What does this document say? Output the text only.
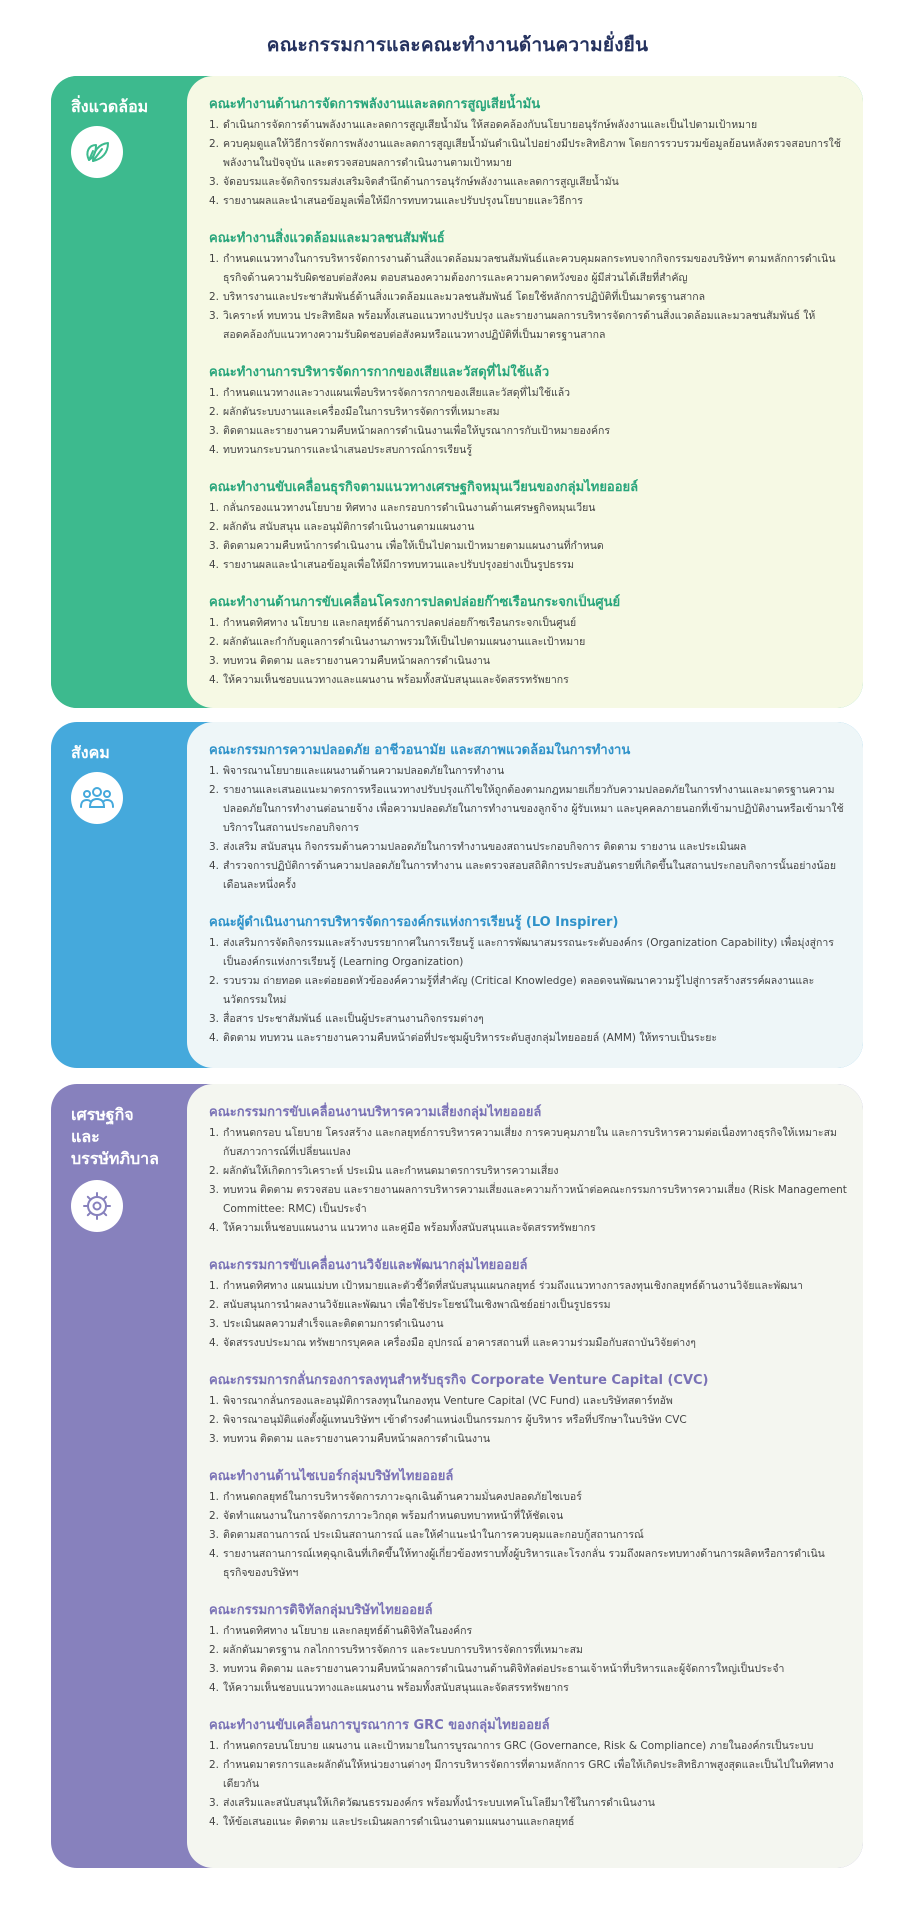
คณะกรรมการและคณะทำงานด้านความยั่งยืน
สิ่งแวดล้อม	คณะทำงานด้านการจัดการพลังงานและลดการสูญเสียน้ำมัน
1. ดำเนินการจัดการด้านพลังงานและลดการสูญเสียน้ำมัน ให้สอดคล้องกับนโยบายอนุรักษ์พลังงานและเป็นไปตามเป้าหมาย
2. ควบคุมดูแลให้วิธีการจัดการพลังงานและลดการสูญเสียน้ำมันดำเนินไปอย่างมีประสิทธิภาพ โดยการรวบรวมข้อมูลย้อนหลังตรวจสอบการใช้พลังงานในปัจจุบัน และตรวจสอบผลการดำเนินงานตามเป้าหมาย
3. จัดอบรมและจัดกิจกรรมส่งเสริมจิตสำนึกด้านการอนุรักษ์พลังงานและลดการสูญเสียน้ำมัน
4. รายงานผลและนำเสนอข้อมูลเพื่อให้มีการทบทวนและปรับปรุงนโยบายและวิธีการ
คณะทำงานสิ่งแวดล้อมและมวลชนสัมพันธ์
1. กำหนดแนวทางในการบริหารจัดการงานด้านสิ่งแวดล้อมมวลชนสัมพันธ์และควบคุมผลกระทบจากกิจกรรมของบริษัทฯ ตามหลักการดำเนินธุรกิจด้านความรับผิดชอบต่อสังคม ตอบสนองความต้องการและความคาดหวังของ ผู้มีส่วนได้เสียที่สำคัญ
2. บริหารงานและประชาสัมพันธ์ด้านสิ่งแวดล้อมและมวลชนสัมพันธ์ โดยใช้หลักการปฏิบัติที่เป็นมาตรฐานสากล
3. วิเคราะห์ ทบทวน ประสิทธิผล พร้อมทั้งเสนอแนวทางปรับปรุง และรายงานผลการบริหารจัดการด้านสิ่งแวดล้อมและมวลชนสัมพันธ์ ให้สอดคล้องกับแนวทางความรับผิดชอบต่อสังคมหรือแนวทางปฏิบัติที่เป็นมาตรฐานสากล
คณะทำงานการบริหารจัดการกากของเสียและวัสดุที่ไม่ใช้แล้ว
1. กำหนดแนวทางและวางแผนเพื่อบริหารจัดการกากของเสียและวัสดุที่ไม่ใช้แล้ว
2. ผลักดันระบบงานและเครื่องมือในการบริหารจัดการที่เหมาะสม
3. ติดตามและรายงานความคืบหน้าผลการดำเนินงานเพื่อให้บูรณาการกับเป้าหมายองค์กร
4. ทบทวนกระบวนการและนำเสนอประสบการณ์การเรียนรู้
คณะทำงานขับเคลื่อนธุรกิจตามแนวทางเศรษฐกิจหมุนเวียนของกลุ่มไทยออยล์
1. กลั่นกรองแนวทางนโยบาย ทิศทาง และกรอบการดำเนินงานด้านเศรษฐกิจหมุนเวียน
2. ผลักดัน สนับสนุน และอนุมัติการดำเนินงานตามแผนงาน
3. ติดตามความคืบหน้าการดำเนินงาน เพื่อให้เป็นไปตามเป้าหมายตามแผนงานที่กำหนด
4. รายงานผลและนำเสนอข้อมูลเพื่อให้มีการทบทวนและปรับปรุงอย่างเป็นรูปธรรม
คณะทำงานด้านการขับเคลื่อนโครงการปลดปล่อยก๊าซเรือนกระจกเป็นศูนย์
1. กำหนดทิศทาง นโยบาย และกลยุทธ์ด้านการปลดปล่อยก๊าซเรือนกระจกเป็นศูนย์
2. ผลักดันและกำกับดูแลการดำเนินงานภาพรวมให้เป็นไปตามแผนงานและเป้าหมาย
3. ทบทวน ติดตาม และรายงานความคืบหน้าผลการดำเนินงาน
4. ให้ความเห็นชอบแนวทางและแผนงาน พร้อมทั้งสนับสนุนและจัดสรรทรัพยากร
สังคม	คณะกรรมการความปลอดภัย อาชีวอนามัย และสภาพแวดล้อมในการทำงาน
1. พิจารณานโยบายและแผนงานด้านความปลอดภัยในการทำงาน
2. รายงานและเสนอแนะมาตรการหรือแนวทางปรับปรุงแก้ไขให้ถูกต้องตามกฎหมายเกี่ยวกับความปลอดภัยในการทำงานและมาตรฐานความปลอดภัยในการทำงานต่อนายจ้าง เพื่อความปลอดภัยในการทำงานของลูกจ้าง ผู้รับเหมา และบุคคลภายนอกที่เข้ามาปฏิบัติงานหรือเข้ามาใช้บริการในสถานประกอบกิจการ
3. ส่งเสริม สนับสนุน กิจกรรมด้านความปลอดภัยในการทำงานของสถานประกอบกิจการ ติดตาม รายงาน และประเมินผล
4. สำรวจการปฏิบัติการด้านความปลอดภัยในการทำงาน และตรวจสอบสถิติการประสบอันตรายที่เกิดขึ้นในสถานประกอบกิจการนั้นอย่างน้อยเดือนละหนึ่งครั้ง
คณะผู้ดำเนินงานการบริหารจัดการองค์กรแห่งการเรียนรู้ (LO Inspirer)
1. ส่งเสริมการจัดกิจกรรมและสร้างบรรยากาศในการเรียนรู้ และการพัฒนาสมรรถนะระดับองค์กร (Organization Capability) เพื่อมุ่งสู่การเป็นองค์กรแห่งการเรียนรู้ (Learning Organization)
2. รวบรวม ถ่ายทอด และต่อยอดหัวข้อองค์ความรู้ที่สำคัญ (Critical Knowledge) ตลอดจนพัฒนาความรู้ไปสู่การสร้างสรรค์ผลงานและนวัตกรรมใหม่
3. สื่อสาร ประชาสัมพันธ์ และเป็นผู้ประสานงานกิจกรรมต่างๆ
4. ติดตาม ทบทวน และรายงานความคืบหน้าต่อที่ประชุมผู้บริหารระดับสูงกลุ่มไทยออยล์ (AMM) ให้ทราบเป็นระยะ
เศรษฐกิจ
และ
บรรษัทภิบาล
คณะกรรมการขับเคลื่อนงานบริหารความเสี่ยงกลุ่มไทยออยล์
1. กำหนดกรอบ นโยบาย โครงสร้าง และกลยุทธ์การบริหารความเสี่ยง การควบคุมภายใน และการบริหารความต่อเนื่องทางธุรกิจให้เหมาะสมกับสภาวการณ์ที่เปลี่ยนแปลง
2. ผลักดันให้เกิดการวิเคราะห์ ประเมิน และกำหนดมาตรการบริหารความเสี่ยง
3. ทบทวน ติดตาม ตรวจสอบ และรายงานผลการบริหารความเสี่ยงและความก้าวหน้าต่อคณะกรรมการบริหารความเสี่ยง (Risk Management Committee: RMC) เป็นประจำ
4. ให้ความเห็นชอบแผนงาน แนวทาง และคู่มือ พร้อมทั้งสนับสนุนและจัดสรรทรัพยากร
คณะกรรมการขับเคลื่อนงานวิจัยและพัฒนากลุ่มไทยออยล์
1. กำหนดทิศทาง แผนแม่บท เป้าหมายและตัวชี้วัดที่สนับสนุนแผนกลยุทธ์ ร่วมถึงแนวทางการลงทุนเชิงกลยุทธ์ด้านงานวิจัยและพัฒนา
2. สนับสนุนการนำผลงานวิจัยและพัฒนา เพื่อใช้ประโยชน์ในเชิงพาณิชย์อย่างเป็นรูปธรรม
3. ประเมินผลความสำเร็จและติดตามการดำเนินงาน
4. จัดสรรงบประมาณ ทรัพยากรบุคคล เครื่องมือ อุปกรณ์ อาคารสถานที่ และความร่วมมือกับสถาบันวิจัยต่างๆ
คณะกรรมการกลั่นกรองการลงทุนสำหรับธุรกิจ Corporate Venture Capital (CVC)
1. พิจารณากลั่นกรองและอนุมัติการลงทุนในกองทุน Venture Capital (VC Fund) และบริษัทสตาร์ทอัพ
2. พิจารณาอนุมัติแต่งตั้งผู้แทนบริษัทฯ เข้าดำรงตำแหน่งเป็นกรรมการ ผู้บริหาร หรือที่ปรึกษาในบริษัท CVC
3. ทบทวน ติดตาม และรายงานความคืบหน้าผลการดำเนินงาน
คณะทำงานด้านไซเบอร์กลุ่มบริษัทไทยออยล์
1. กำหนดกลยุทธ์ในการบริหารจัดการภาวะฉุกเฉินด้านความมั่นคงปลอดภัยไซเบอร์
2. จัดทำแผนงานในการจัดการภาวะวิกฤต พร้อมกำหนดบทบาทหน้าที่ให้ชัดเจน
3. ติดตามสถานการณ์ ประเมินสถานการณ์ และให้คำแนะนำในการควบคุมและกอบกู้สถานการณ์
4. รายงานสถานการณ์เหตุฉุกเฉินที่เกิดขึ้นให้ทางผู้เกี่ยวข้องทราบทั้งผู้บริหารและโรงกลั่น รวมถึงผลกระทบทางด้านการผลิตหรือการดำเนินธุรกิจของบริษัทฯ
คณะกรรมการดิจิทัลกลุ่มบริษัทไทยออยล์
1. กำหนดทิศทาง นโยบาย และกลยุทธ์ด้านดิจิทัลในองค์กร
2. ผลักดันมาตรฐาน กลไกการบริหารจัดการ และระบบการบริหารจัดการที่เหมาะสม
3. ทบทวน ติดตาม และรายงานความคืบหน้าผลการดำเนินงานด้านดิจิทัลต่อประธานเจ้าหน้าที่บริหารและผู้จัดการใหญ่เป็นประจำ
4. ให้ความเห็นชอบแนวทางและแผนงาน พร้อมทั้งสนับสนุนและจัดสรรทรัพยากร
คณะทำงานขับเคลื่อนการบูรณาการ GRC ของกลุ่มไทยออยล์
1. กำหนดกรอบนโยบาย แผนงาน และเป้าหมายในการบูรณาการ GRC (Governance, Risk & Compliance) ภายในองค์กรเป็นระบบ
2. กำหนดมาตรการและผลักดันให้หน่วยงานต่างๆ มีการบริหารจัดการที่ตามหลักการ GRC เพื่อให้เกิดประสิทธิภาพสูงสุดและเป็นไปในทิศทางเดียวกัน
3. ส่งเสริมและสนับสนุนให้เกิดวัฒนธรรมองค์กร พร้อมทั้งนำระบบเทคโนโลยีมาใช้ในการดำเนินงาน
4. ให้ข้อเสนอแนะ ติดตาม และประเมินผลการดำเนินงานตามแผนงานและกลยุทธ์
